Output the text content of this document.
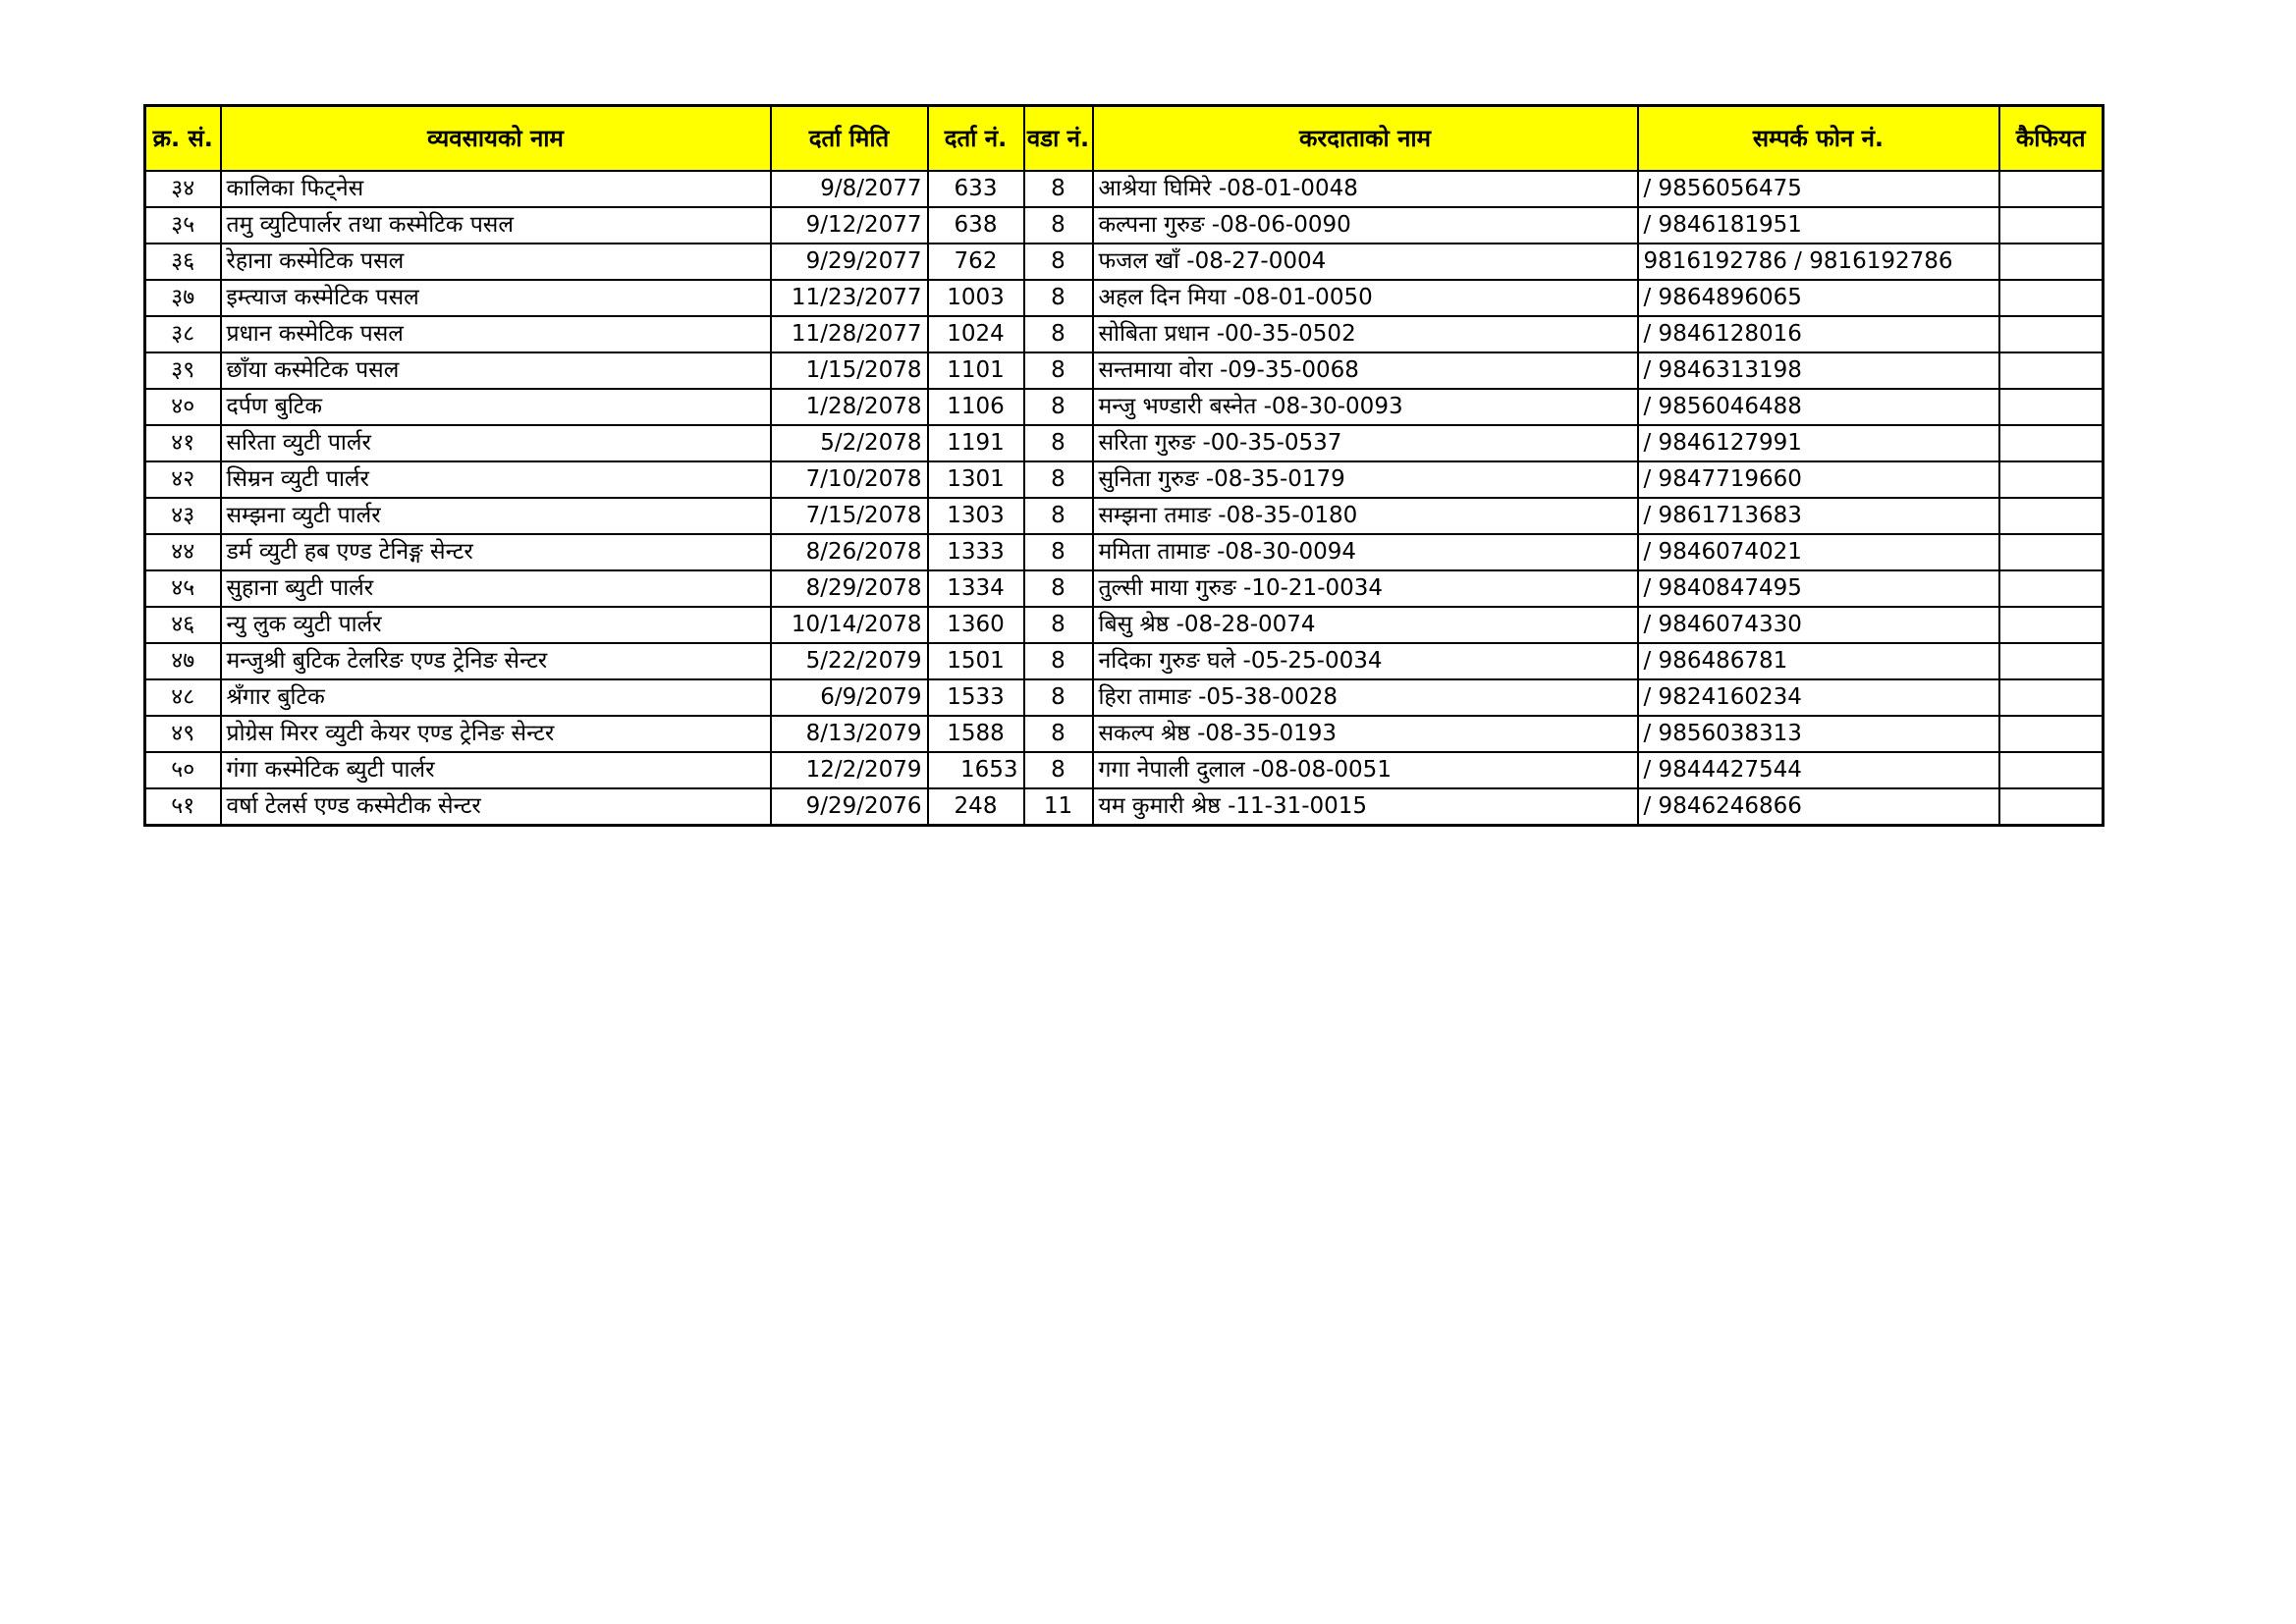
क्र. सं.	व्यवसायको नाम	दर्ता मिति	दर्ता नं.	वडा नं.	करदाताको नाम	सम्पर्क फोन नं.	कैफियत
३४	कालिका फिट्नेस	9/8/2077	633	8	आश्रेया घिमिरे -08-01-0048	/ 9856056475	
३५	तमु व्युटिपार्लर तथा कस्मेटिक पसल	9/12/2077	638	8	कल्पना गुरुङ -08-06-0090	/ 9846181951	
३६	रेहाना कस्मेटिक पसल	9/29/2077	762	8	फजल खाँ -08-27-0004	9816192786 / 9816192786	
३७	इम्त्याज कस्मेटिक पसल	11/23/2077	1003	8	अहल दिन मिया -08-01-0050	/ 9864896065	
३८	प्रधान कस्मेटिक पसल	11/28/2077	1024	8	सोबिता प्रधान -00-35-0502	/ 9846128016	
३९	छाँया कस्मेटिक पसल	1/15/2078	1101	8	सन्तमाया वोरा -09-35-0068	/ 9846313198	
४०	दर्पण बुटिक	1/28/2078	1106	8	मन्जु भण्डारी बस्नेत -08-30-0093	/ 9856046488	
४१	सरिता व्युटी पार्लर	5/2/2078	1191	8	सरिता गुरुङ -00-35-0537	/ 9846127991	
४२	सिम्रन व्युटी पार्लर	7/10/2078	1301	8	सुनिता गुरुङ -08-35-0179	/ 9847719660	
४३	सम्झना व्युटी पार्लर	7/15/2078	1303	8	सम्झना तमाङ -08-35-0180	/ 9861713683	
४४	डर्म व्युटी हब एण्ड टेनिङ्ग सेन्टर	8/26/2078	1333	8	ममिता तामाङ -08-30-0094	/ 9846074021	
४५	सुहाना ब्युटी पार्लर	8/29/2078	1334	8	तुल्सी माया गुरुङ -10-21-0034	/ 9840847495	
४६	न्यु लुक व्युटी पार्लर	10/14/2078	1360	8	बिसु श्रेष्ठ -08-28-0074	/ 9846074330	
४७	मन्जुश्री बुटिक टेलरिङ एण्ड ट्रेनिङ सेन्टर	5/22/2079	1501	8	नदिका गुरुङ घले -05-25-0034	/ 986486781	
४८	श्रँगार बुटिक	6/9/2079	1533	8	हिरा तामाङ -05-38-0028	/ 9824160234	
४९	प्रोग्रेस मिरर व्युटी केयर एण्ड ट्रेनिङ सेन्टर	8/13/2079	1588	8	सकल्प श्रेष्ठ -08-35-0193	/ 9856038313	
५०	गंगा कस्मेटिक ब्युटी पार्लर	12/2/2079	1653	8	गगा नेपाली दुलाल -08-08-0051	/ 9844427544	
५१	वर्षा टेलर्स एण्ड कस्मेटीक सेन्टर	9/29/2076	248	11	यम कुमारी श्रेष्ठ -11-31-0015	/ 9846246866	
